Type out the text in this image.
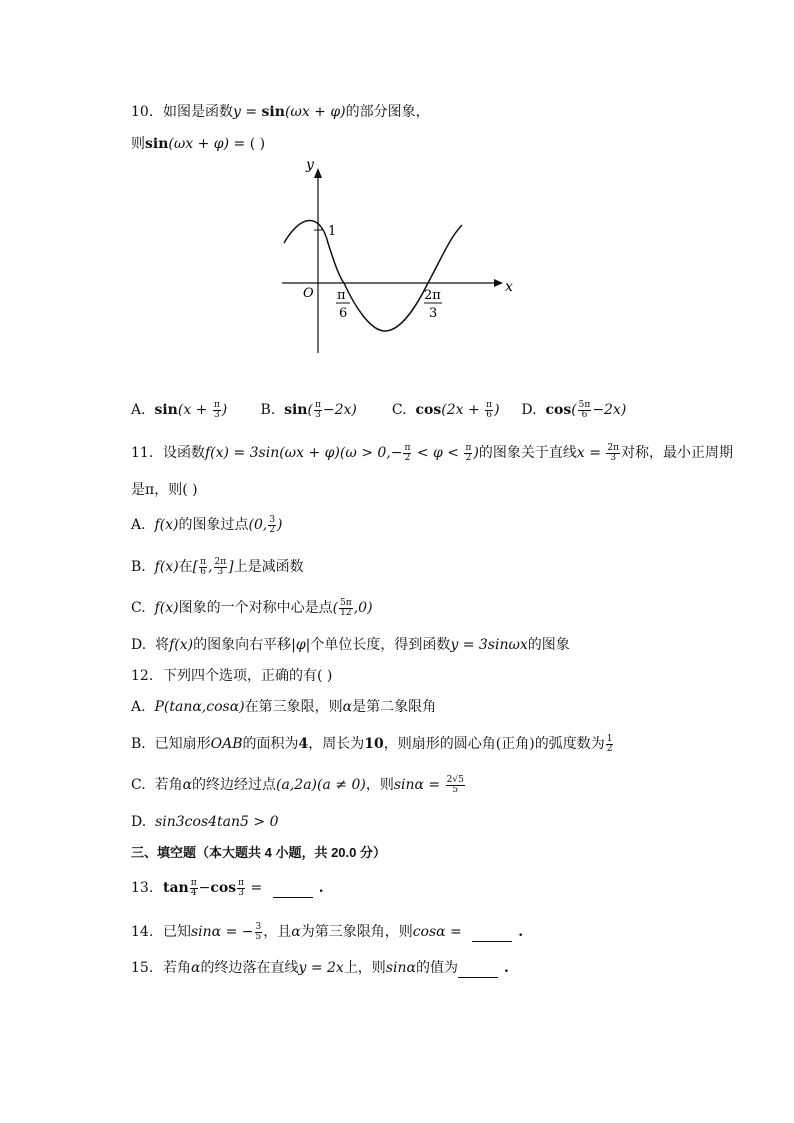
10. 如图是函数y = sin(ωx + φ)的部分图象，
则sin(ωx + φ) = ( )
y
x
O
1
π
6
2π
3
A. $\sin(x + \frac{\pi}{3}$ ) B. $\sin( \frac{\pi}{3} -2x)$	C. $\cos(2x + \frac{\pi}{6}$ ) D. $\cos( \frac{5\pi}{6} -2x)$
11. 设函数$f(x) = 3\sin(\omega x + \varphi)(\omega > 0,- \frac{\pi}{2} < \varphi < \frac{\pi}{2}$ )的图象关于直线$x = \frac{2\pi}{3}$ 对称，最小正周期
是π，则( )
A. f(x)的图象过点(0, $\frac{3}{2}$ )
B. f(x)在[ $\frac{\pi}{6}$ , $\frac{2\pi}{3}$ ]上是减函数
C. f(x)图象的一个对称中心是点( $\frac{5\pi}{12} ,0$)
D. 将f(x)的图象向右平移|φ|个单位长度，得到函数y = 3sinωx的图象
12. 下列四个选项，正确的有( )
A. P(tanα,cosα)在第三象限，则α是第二象限角
B. 已知扇形OAB的面积为4，周长为10，则扇形的圆心角(正角)的弧度数为 $\frac{1}{2}$
C. 若角α的终边经过点(a,2a)(a ≠ 0)，则$\sin\alpha = \frac{2√5}{5}$
D. sin3cos4tan5 > 0
三、填空题（本大题共 4 小题，共 20.0 分）
13. $\tan \frac{\pi}{4} -\cos \frac{\pi}{3}$ =	.
14. 已知sinα = − $\frac{3}{5}$ ，且α为第三象限角，则cosα =	.
15. 若角α的终边落在直线y = 2x上，则sinα的值为	.
